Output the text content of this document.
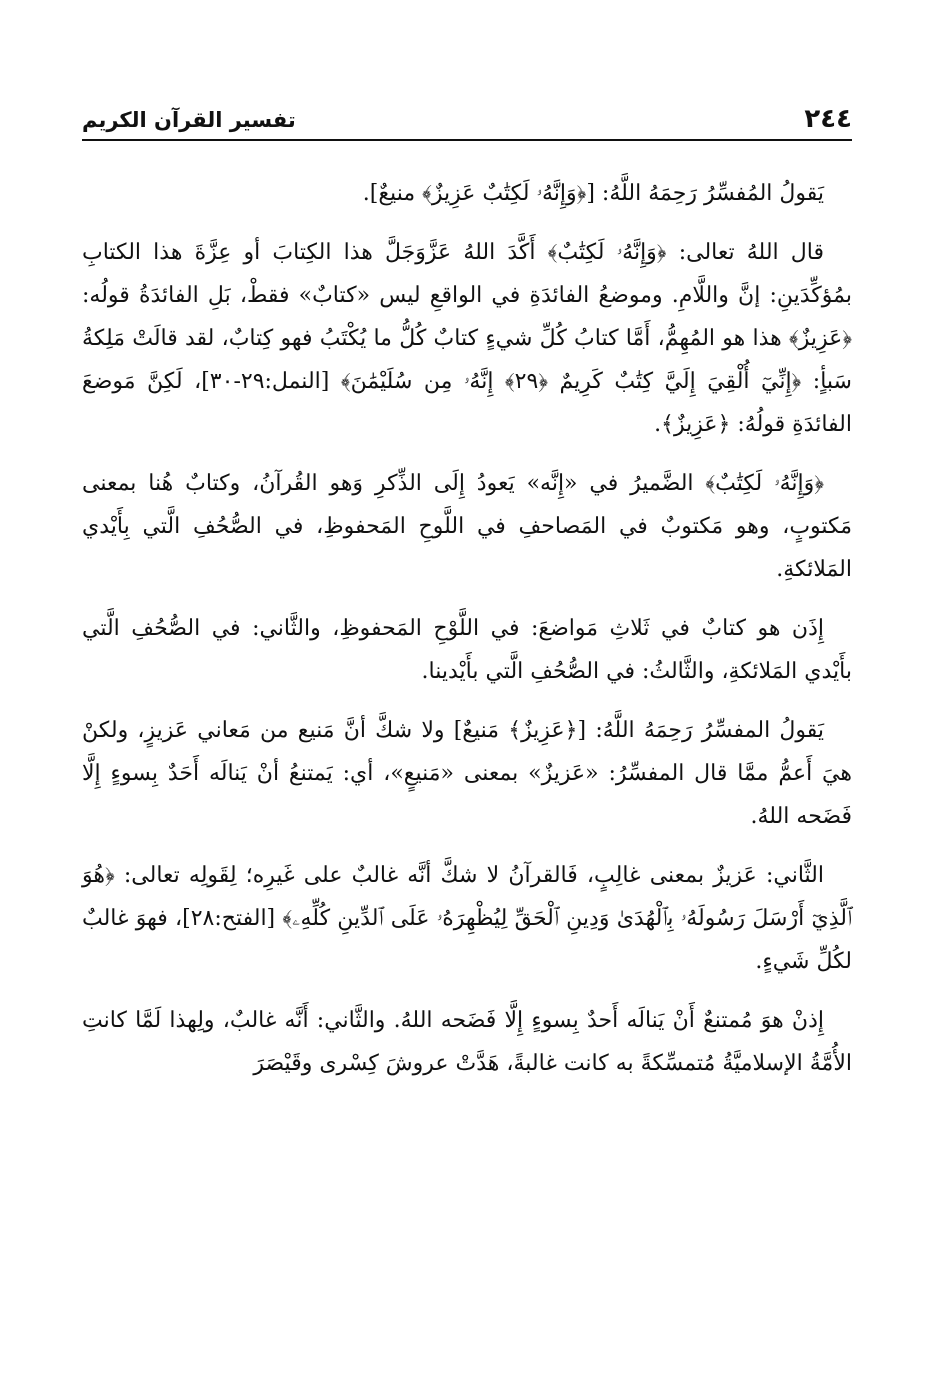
٢٤٤
تفسير القرآن الكريم

يَقولُ المُفسِّرُ رَحِمَهُ اللَّهُ: [﴿وَإِنَّهُۥ لَكِتَٰبٌ عَزِيزٌ﴾ منيعٌ].

قال اللهُ تعالى: ﴿وَإِنَّهُۥ لَكِتَٰبٌ﴾ أَكَّدَ اللهُ عَزَّوَجَلَّ هذا الكِتابَ أو عِزَّةَ هذا الكتابِ بمُؤكِّدَينِ: إنَّ واللَّامِ. وموضعُ الفائدَةِ في الواقعِ ليس «كتابٌ» فقطْ، بَلِ الفائدَةُ قولُه: ﴿عَزِيزٌ﴾ هذا هو المُهِمُّ، أَمَّا كتابُ كُلِّ شيءٍ كتابٌ كُلُّ ما يُكْتَبُ فهو كِتابٌ، لقد قالَتْ مَلِكةُ سَبأٍ: ﴿إِنِّيٓ أُلْقِيَ إِلَيَّ كِتَٰبٌ كَرِيمٌ ﴿٢٩﴾ إِنَّهُۥ مِن سُلَيْمَٰنَ﴾ [النمل:٢٩-٣٠]، لَكِنَّ مَوضعَ الفائدَةِ قولُهُ: ﴿عَزِيزٌ﴾.

﴿وَإِنَّهُۥ لَكِتَٰبٌ﴾ الضَّميرُ في «إِنَّه» يَعودُ إِلَى الذِّكرِ وَهو القُرآنُ، وكتابٌ هُنا بمعنى مَكتوبٍ، وهو مَكتوبٌ في المَصاحفِ في اللَّوحِ المَحفوظِ، في الصُّحُفِ الَّتي بِأَيْدي المَلائكةِ.

إِذَن هو كتابٌ في ثَلاثِ مَواضعَ: في اللَّوْحِ المَحفوظِ، والثَّاني: في الصُّحُفِ الَّتي بأَيْدي المَلائكةِ، والثَّالثُ: في الصُّحُفِ الَّتي بأَيْدينا.

يَقولُ المفسِّرُ رَحِمَهُ اللَّهُ: [﴿عَزِيزٌ﴾ مَنيعٌ] ولا شكَّ أنَّ مَنيع من مَعاني عَزيزٍ، ولكنْ هيَ أَعمُّ ممَّا قال المفسِّرُ: «عَزيزٌ» بمعنى «مَنيعٍ»، أي: يَمتنعُ أنْ يَنالَه أَحَدٌ بِسوءٍ إِلَّا فَضَحه اللهُ.

الثَّاني: عَزيزٌ بمعنى غالِبٍ، فَالقرآنُ لا شكَّ أنَّه غالبٌ على غَيرِه؛ لِقَولِه تعالى: ﴿هُوَ ٱلَّذِيٓ أَرْسَلَ رَسُولَهُۥ بِٱلْهُدَىٰ وَدِينِ ٱلْحَقِّ لِيُظْهِرَهُۥ عَلَى ٱلدِّينِ كُلِّهِۦ﴾ [الفتح:٢٨]، فهوَ غالبٌ لكُلِّ شَيءٍ.

إِذنْ هوَ مُمتنعٌ أَنْ يَنالَه أَحدٌ بِسوءٍ إِلَّا فَضَحه اللهُ. والثَّاني: أَنَّه غالبٌ، ولِهذا لَمَّا كانتِ الأُمَّةُ الإسلاميَّةُ مُتمسِّكةً به كانت غالبةً، هَدَّتْ عروشَ كِسْرى وقَيْصَرَ
